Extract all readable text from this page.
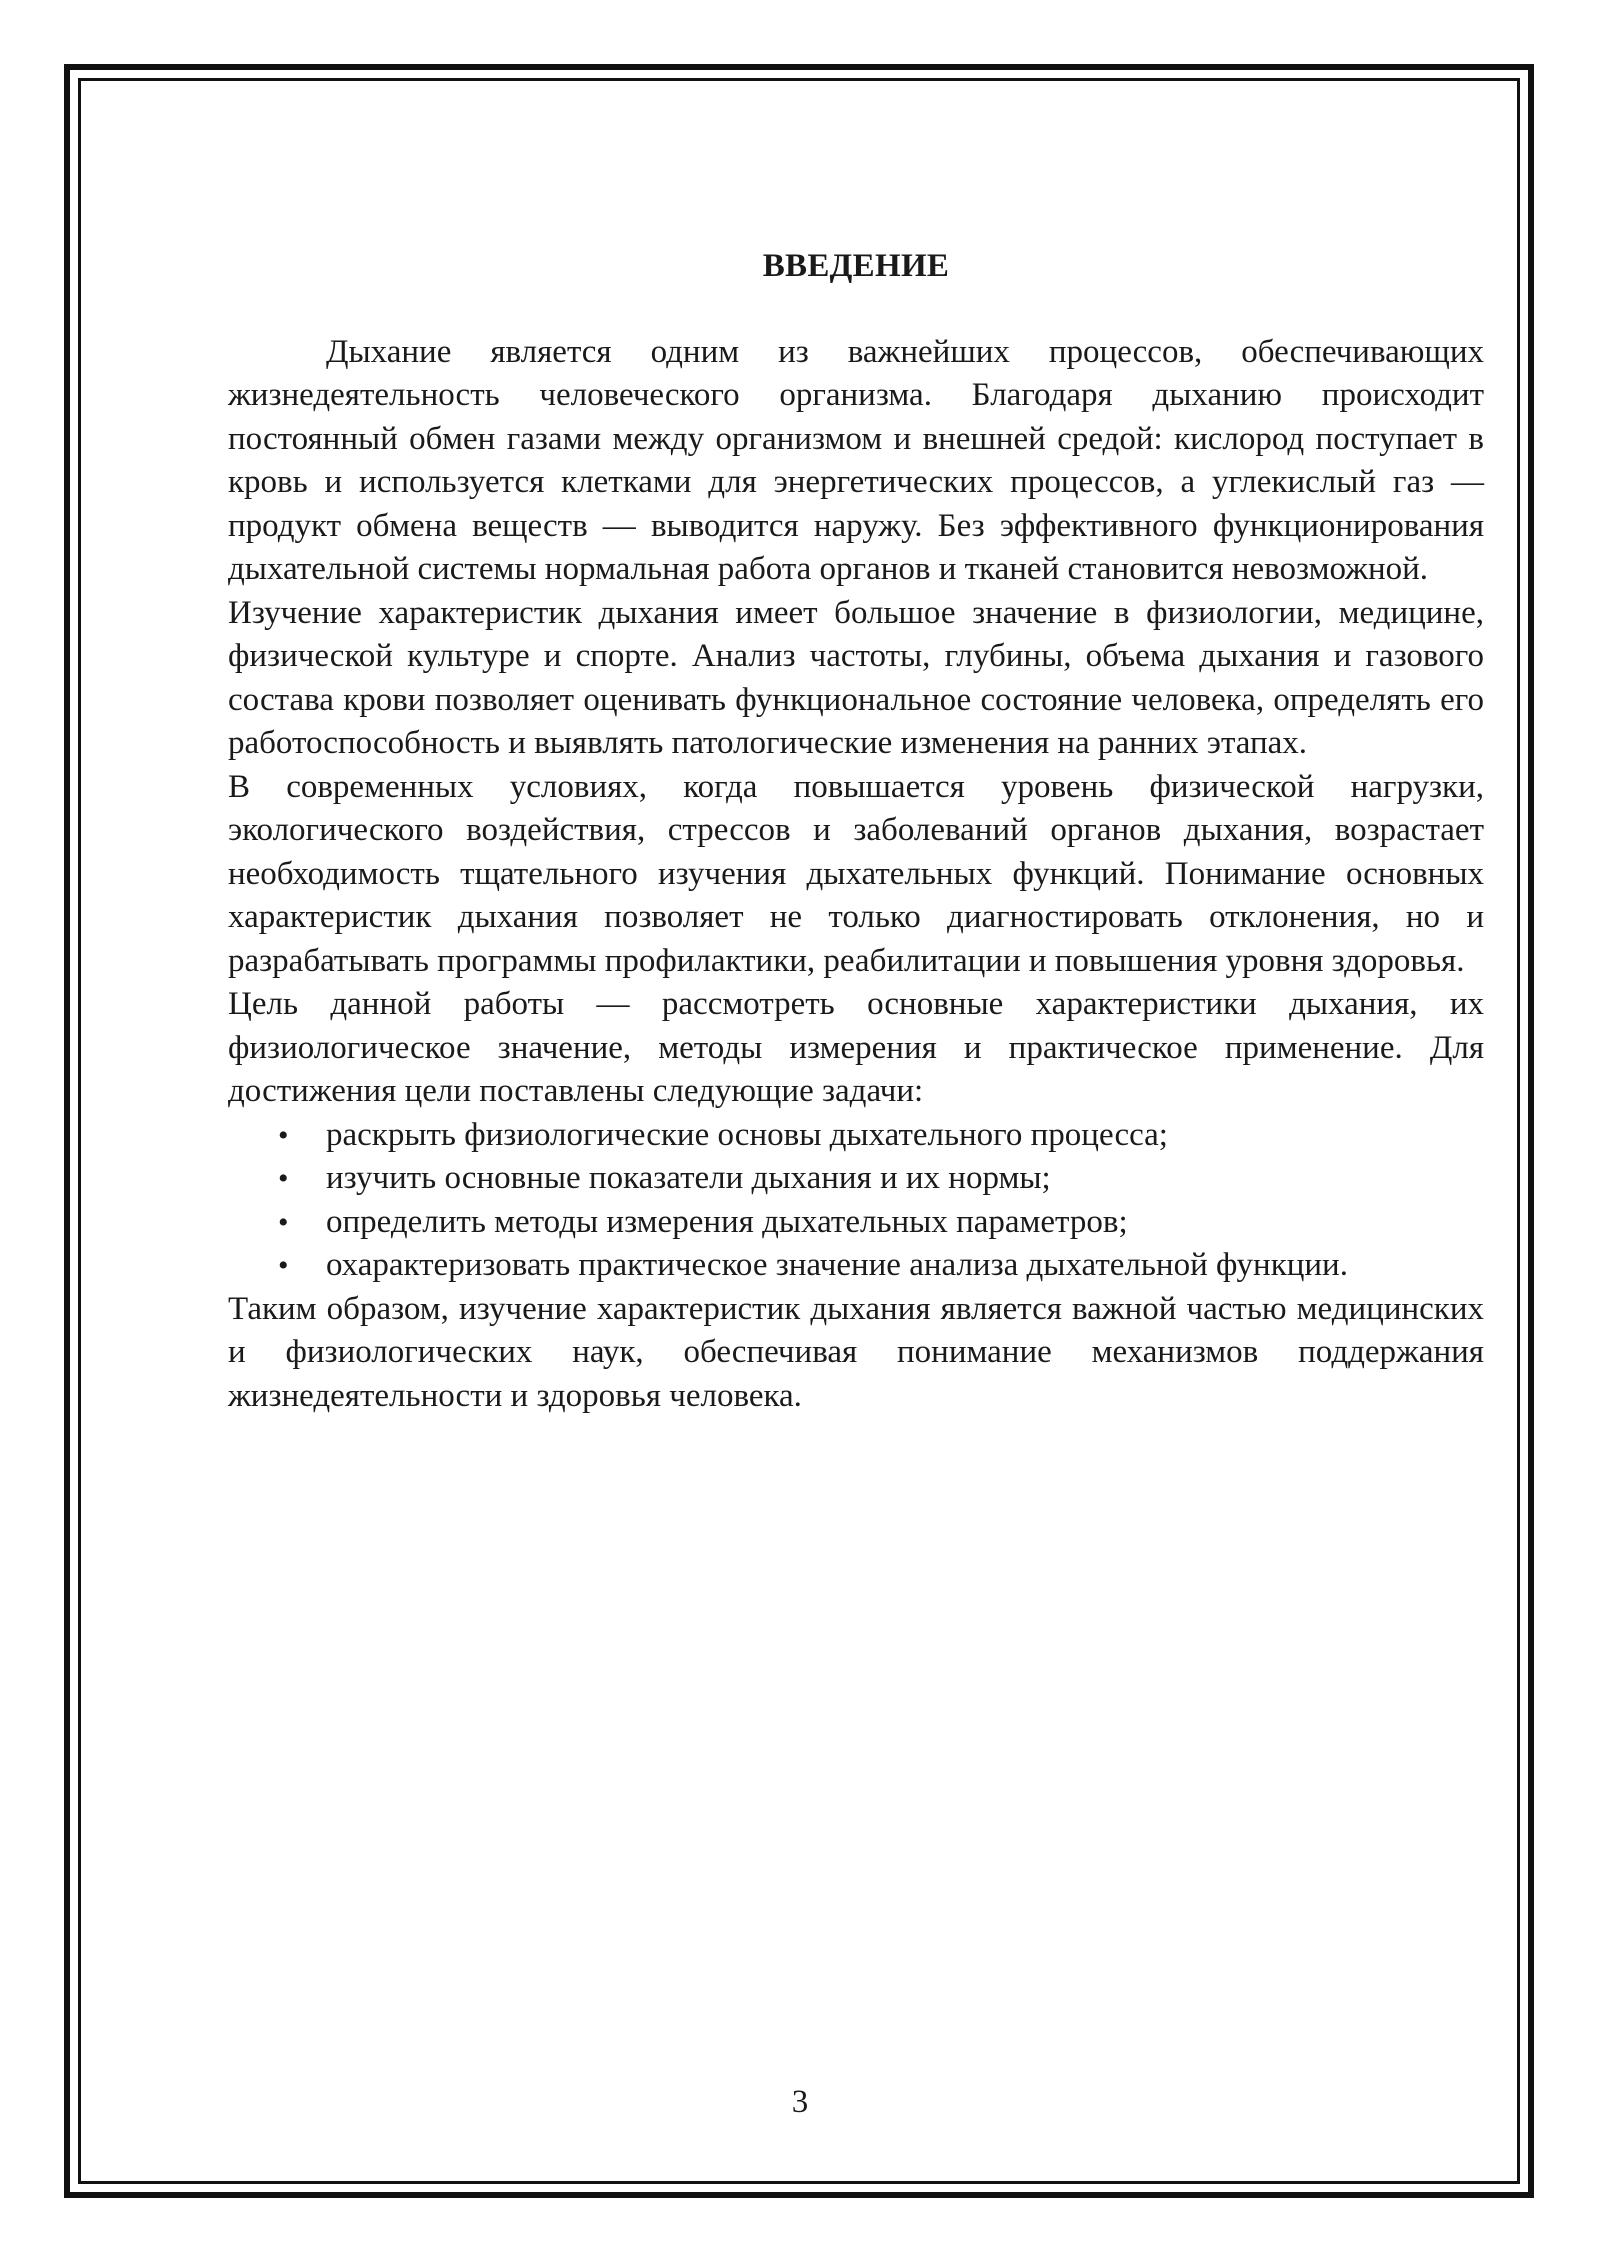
ВВЕДЕНИЕ

Дыхание является одним из важнейших процессов, обеспечивающих жизнедеятельность человеческого организма. Благодаря дыханию происходит постоянный обмен газами между организмом и внешней средой: кислород поступает в кровь и используется клетками для энергетических процессов, а углекислый газ — продукт обмена веществ — выводится наружу. Без эффективного функционирования дыхательной системы нормальная работа органов и тканей становится невозможной.

Изучение характеристик дыхания имеет большое значение в физиологии, медицине, физической культуре и спорте. Анализ частоты, глубины, объема дыхания и газового состава крови позволяет оценивать функциональное состояние человека, определять его работоспособность и выявлять патологические изменения на ранних этапах.

В современных условиях, когда повышается уровень физической нагрузки, экологического воздействия, стрессов и заболеваний органов дыхания, возрастает необходимость тщательного изучения дыхательных функций. Понимание основных характеристик дыхания позволяет не только диагностировать отклонения, но и разрабатывать программы профилактики, реабилитации и повышения уровня здоровья.

Цель данной работы — рассмотреть основные характеристики дыхания, их физиологическое значение, методы измерения и практическое применение. Для достижения цели поставлены следующие задачи:

• раскрыть физиологические основы дыхательного процесса;
• изучить основные показатели дыхания и их нормы;
• определить методы измерения дыхательных параметров;
• охарактеризовать практическое значение анализа дыхательной функции.

Таким образом, изучение характеристик дыхания является важной частью медицинских и физиологических наук, обеспечивая понимание механизмов поддержания жизнедеятельности и здоровья человека.

3
